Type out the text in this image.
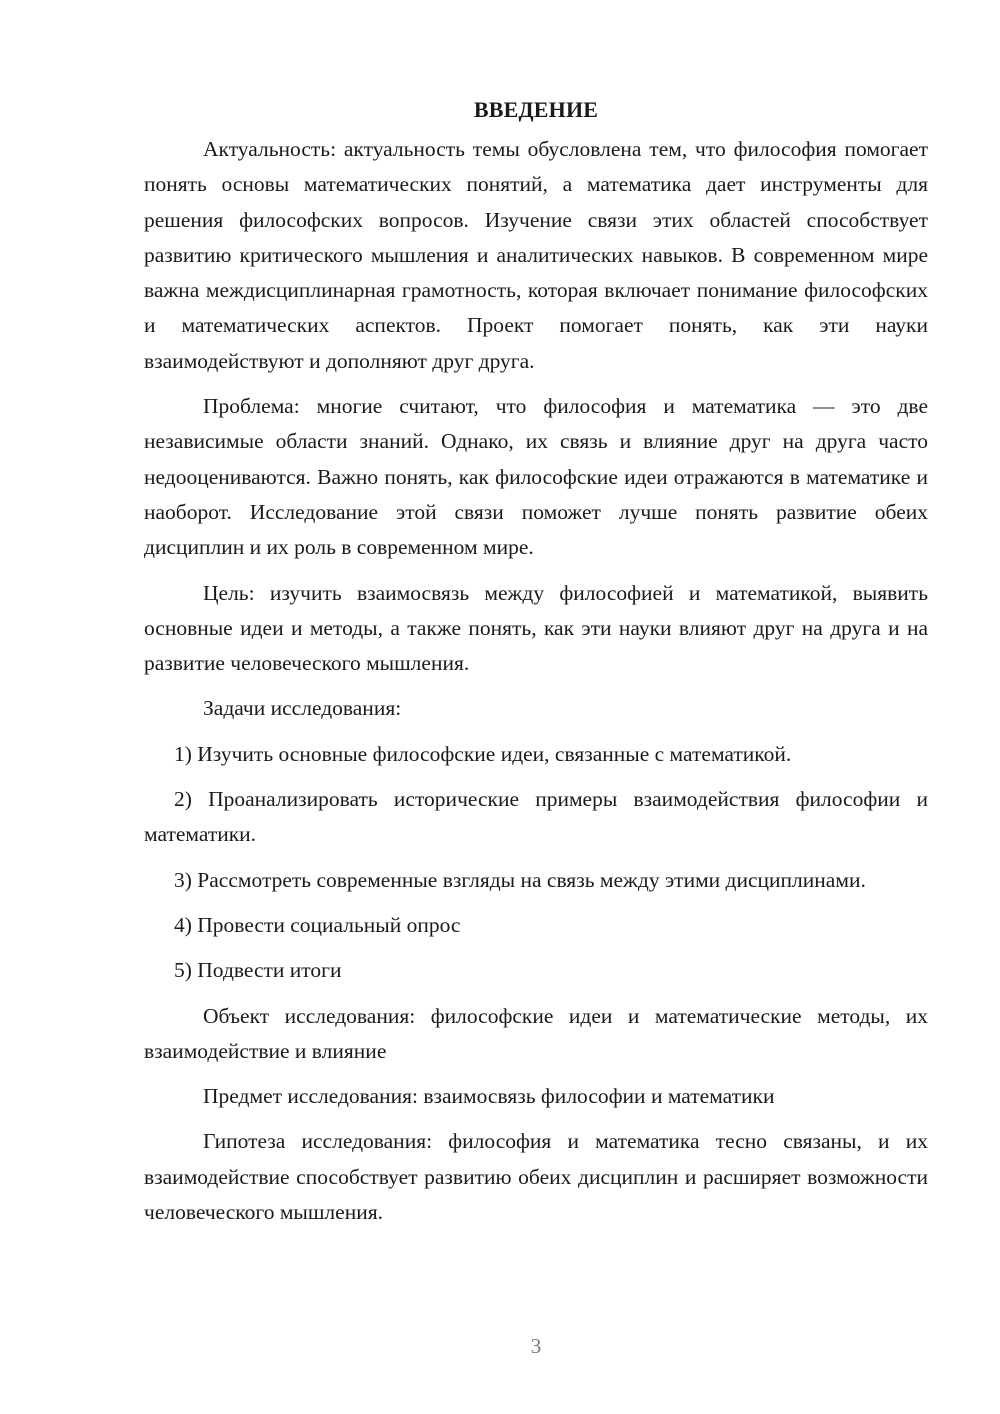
ВВЕДЕНИЕ

Актуальность: актуальность темы обусловлена тем, что философия помогает понять основы математических понятий, а математика дает инструменты для решения философских вопросов. Изучение связи этих областей способствует развитию критического мышления и аналитических навыков. В современном мире важна междисциплинарная грамотность, которая включает понимание философских и математических аспектов. Проект помогает понять, как эти науки взаимодействуют и дополняют друг друга.

Проблема: многие считают, что философия и математика — это две независимые области знаний. Однако, их связь и влияние друг на друга часто недооцениваются. Важно понять, как философские идеи отражаются в математике и наоборот. Исследование этой связи поможет лучше понять развитие обеих дисциплин и их роль в современном мире.

Цель: изучить взаимосвязь между философией и математикой, выявить основные идеи и методы, а также понять, как эти науки влияют друг на друга и на развитие человеческого мышления.

Задачи исследования:

1) Изучить основные философские идеи, связанные с математикой.

2) Проанализировать исторические примеры взаимодействия философии и математики.

3) Рассмотреть современные взгляды на связь между этими дисциплинами.

4) Провести социальный опрос

5) Подвести итоги

Объект исследования: философские идеи и математические методы, их взаимодействие и влияние

Предмет исследования: взаимосвязь философии и математики

Гипотеза исследования: философия и математика тесно связаны, и их взаимодействие способствует развитию обеих дисциплин и расширяет возможности человеческого мышления.

3
